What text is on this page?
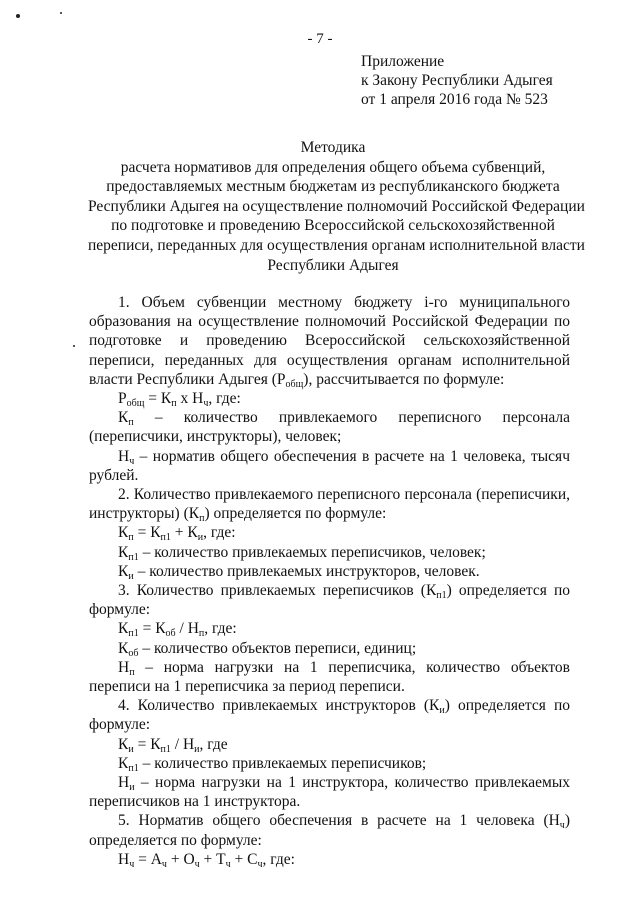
- 7 -
Приложение
к Закону Республики Адыгея
от 1 апреля 2016 года № 523
Методика
расчета нормативов для определения общего объема субвенций,
предоставляемых местным бюджетам из республиканского бюджета
Республики Адыгея на осуществление полномочий Российской Федерации
по подготовке и проведению Всероссийской сельскохозяйственной
переписи, переданных для осуществления органам исполнительной власти
Республики Адыгея

1. Объем субвенции местному бюджету i-го муниципального образования на осуществление полномочий Российской Федерации по подготовке и проведению Всероссийской сельскохозяйственной переписи, переданных для осуществления органам исполнительной власти Республики Адыгея $(Р_{общ})$, рассчитывается по формуле:

$Р_{общ} = К_п$ х $Н_ч$, где:

$К_п$ – количество привлекаемого переписного персонала (переписчики, инструкторы), человек;

$Н_ч$ – норматив общего обеспечения в расчете на 1 человека, тысяч рублей.

2. Количество привлекаемого переписного персонала (переписчики, инструкторы) $(К_п)$ определяется по формуле:

$К_п = К_{п1} + К_и$, где:

$К_{п1}$ – количество привлекаемых переписчиков, человек;

$К_и$ – количество привлекаемых инструкторов, человек.

3. Количество привлекаемых переписчиков $(К_{п1})$ определяется по формуле:

$К_{п1} = К_{об} / Н_п$, где:

$К_{об}$ – количество объектов переписи, единиц;

$Н_п$ – норма нагрузки на 1 переписчика, количество объектов переписи на 1 переписчика за период переписи.

4. Количество привлекаемых инструкторов $(К_и)$ определяется по формуле:

$К_и = К_{п1} / Н_и$, где

$К_{п1}$ – количество привлекаемых переписчиков;

$Н_и$ – норма нагрузки на 1 инструктора, количество привлекаемых переписчиков на 1 инструктора.

5. Норматив общего обеспечения в расчете на 1 человека $(Н_ч)$ определяется по формуле:

$Н_ч = А_ч + О_ч + Т_ч + С_ч$, где:
